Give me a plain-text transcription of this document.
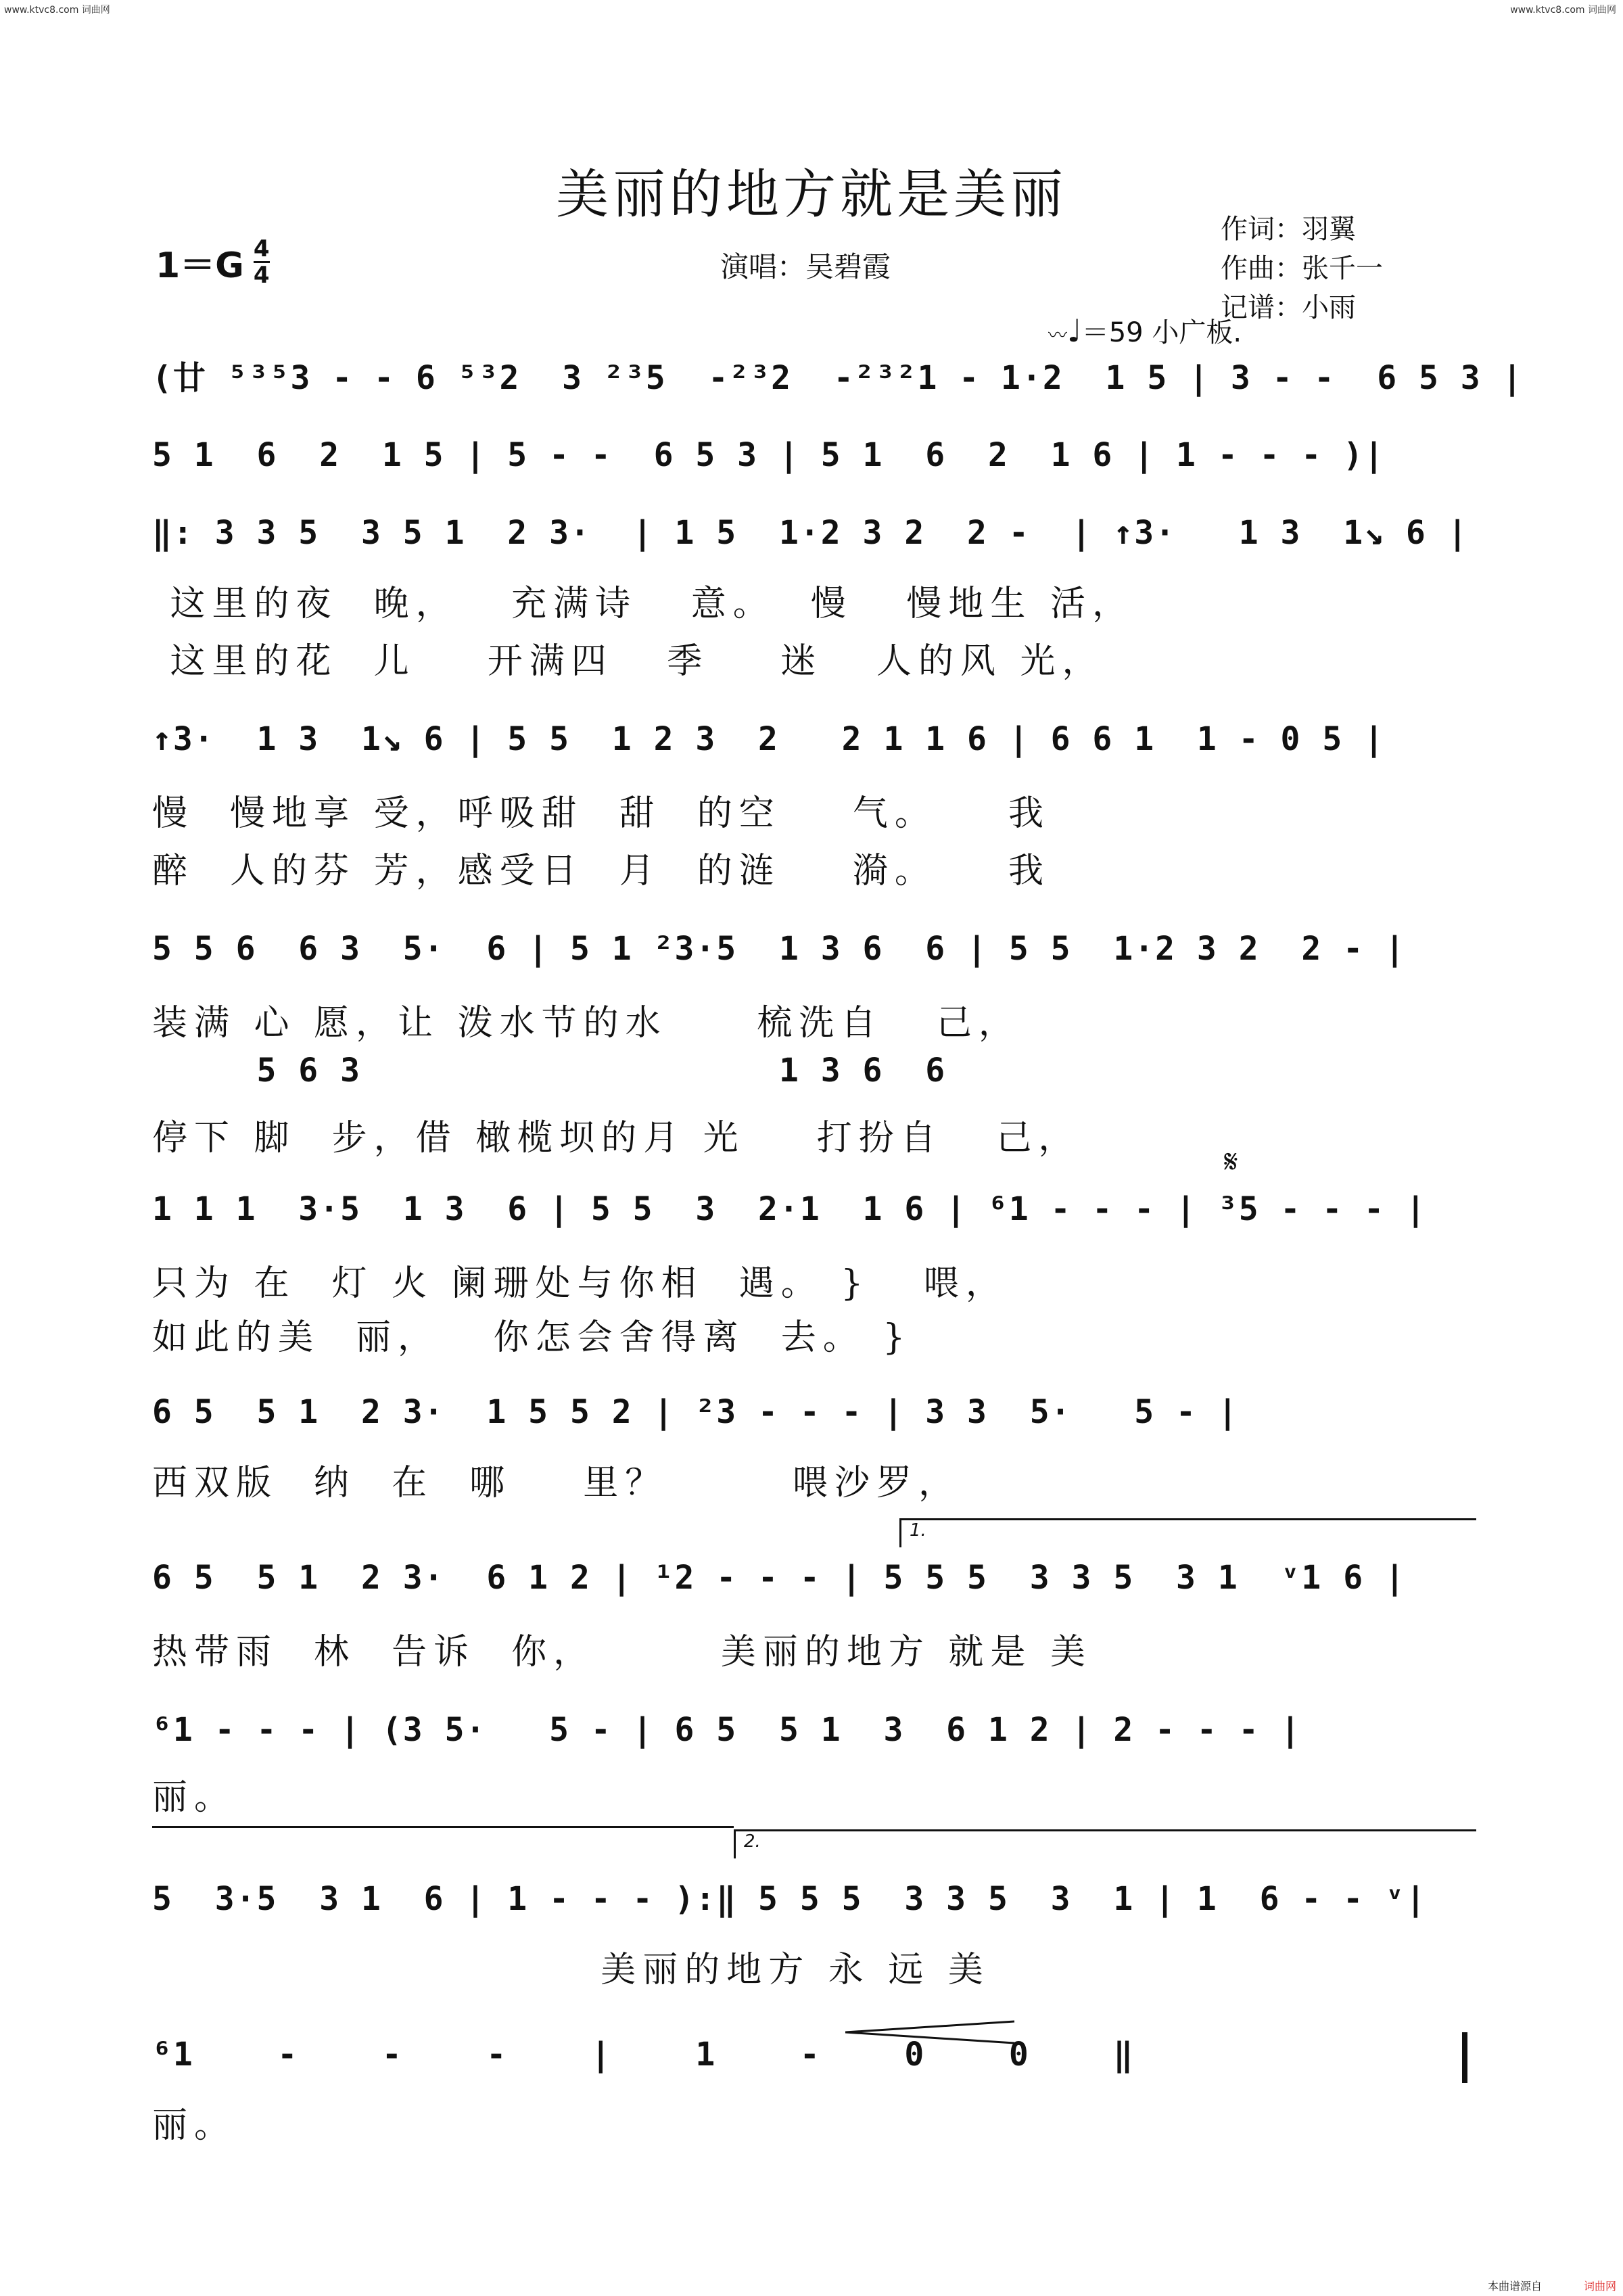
www.ktvc8.com 词曲网	www.ktvc8.com 词曲网
美丽的地方就是美丽
$1=G \frac{4}{4}$	演唱：吴碧霞
作词：羽翼
作曲：张千一
记谱：小雨
〰♩＝59 小广板.
(廿 ⁵³⁵3 - - 6 ⁵³2  3 ²³5  -²³2  -²³²1 - 1·2  1 5 | 3 - -  6 5 3 |
5 1  6  2  1 5 | 5 - -  6 5 3 | 5 1  6  2  1 6 | 1 - - - )|
‖: 3 3 5  3 5 1  2 3·  | 1 5  1·2 3 2  2 -  | ↑3·   1 3  1↘ 6 |
这里的夜  晚，   充满诗   意。  慢   慢地生 活，
这里的花  儿    开满四   季    迷   人的风 光，
↑3·  1 3  1↘ 6 | 5 5  1 2 3  2   2 1 1 6 | 6 6 1  1 - 0 5 |
慢  慢地享 受，呼吸甜  甜  的空    气。    我
醉  人的芬 芳，感受日  月  的涟    漪。    我
5 5 6  6 3  5·  6 | 5 1 ²3·5  1 3 6  6 | 5 5  1·2 3 2  2 - |
装满 心 愿，让 泼水节的水     梳洗自   己，
5 6 3                    1 3 6  6
停下 脚  步，借 橄榄坝的月 光    打扮自   己，
1 1 1  3·5  1 3  6 | 5 5  3  2·1  1 6 | ⁶1 - - - | ³5 - - - |
只为 在  灯 火 阑珊处与你相  遇。 }   喂，
如此的美  丽，   你怎会舍得离  去。 }
6 5  5 1  2 3·  1 5 5 2 | ²3 - - - | 3 3  5·   5 - |
西双版  纳  在  哪    里？       喂沙罗，
6 5  5 1  2 3·  6 1 2 | ¹2 - - - | 5 5 5  3 3 5  3 1  ᵛ1 6 |
热带雨  林  告诉  你，       美丽的地方 就是 美
⁶1 - - - | (3 5·   5 - | 6 5  5 1  3  6 1 2 | 2 - - - |
丽。
5  3·5  3 1  6 | 1 - - - ):‖ 5 5 5  3 3 5  3  1 | 1  6 - - ᵛ|
美丽的地方 永 远 美
⁶1    -    -    -    |    1    -    0    0    ‖
丽。
1.
2.
𝄋
本曲谱源自	词曲网
